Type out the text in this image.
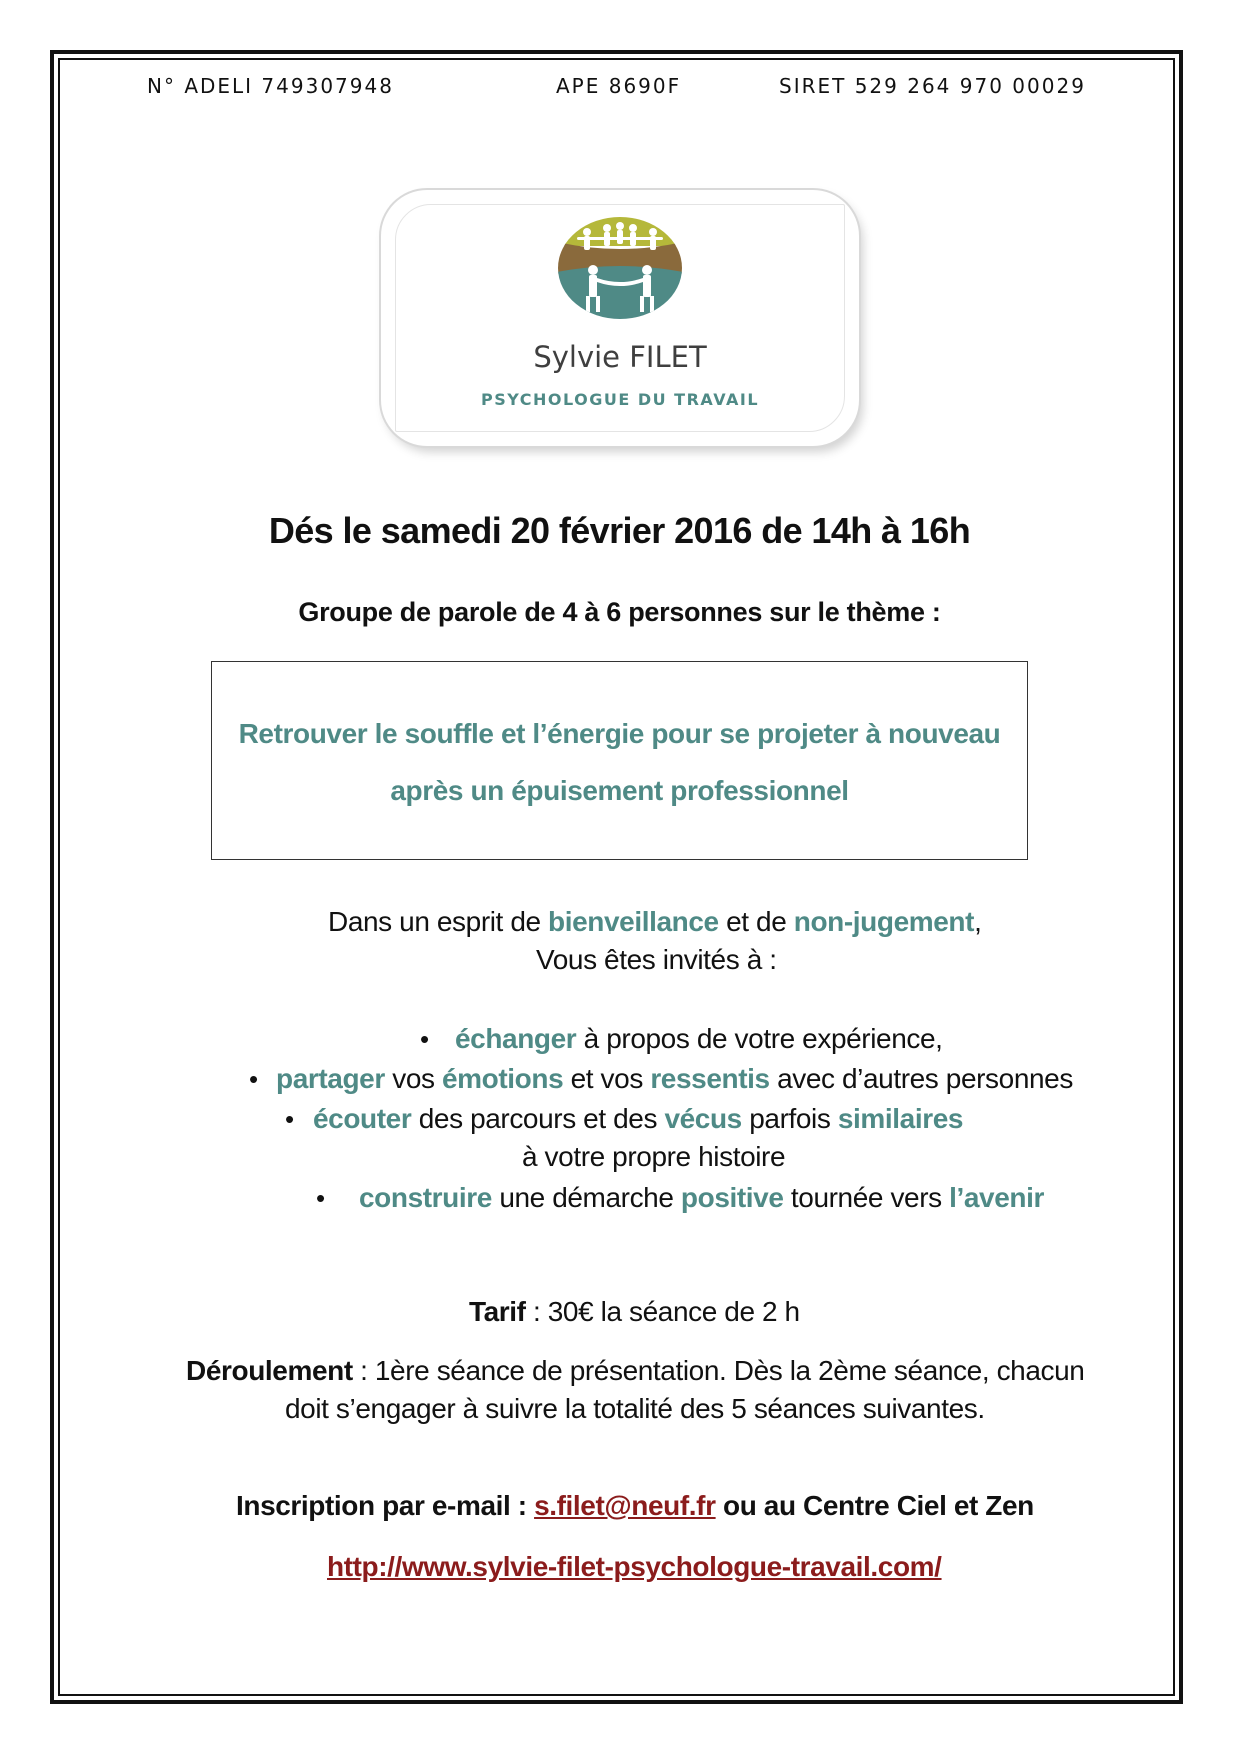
N° ADELI 749307948	APE 8690F	SIRET 529 264 970 00029
Sylvie FILET
PSYCHOLOGUE DU TRAVAIL
Dés le samedi 20 février 2016 de 14h à 16h
Groupe de parole de 4 à 6 personnes sur le thème :
Retrouver le souffle et l’énergie pour se projeter à nouveau
après un épuisement professionnel
Dans un esprit de bienveillance et de non-jugement,
Vous êtes invités à :
• échanger à propos de votre expérience,
• partager vos émotions et vos ressentis avec d’autres personnes
• écouter des parcours et des vécus parfois similaires
à votre propre histoire
• construire une démarche positive tournée vers l’avenir
Tarif : 30€ la séance de 2 h
Déroulement : 1ère séance de présentation. Dès la 2ème séance, chacun
doit s’engager à suivre la totalité des 5 séances suivantes.
Inscription par e-mail : s.filet@neuf.fr ou au Centre Ciel et Zen
http://www.sylvie-filet-psychologue-travail.com/
